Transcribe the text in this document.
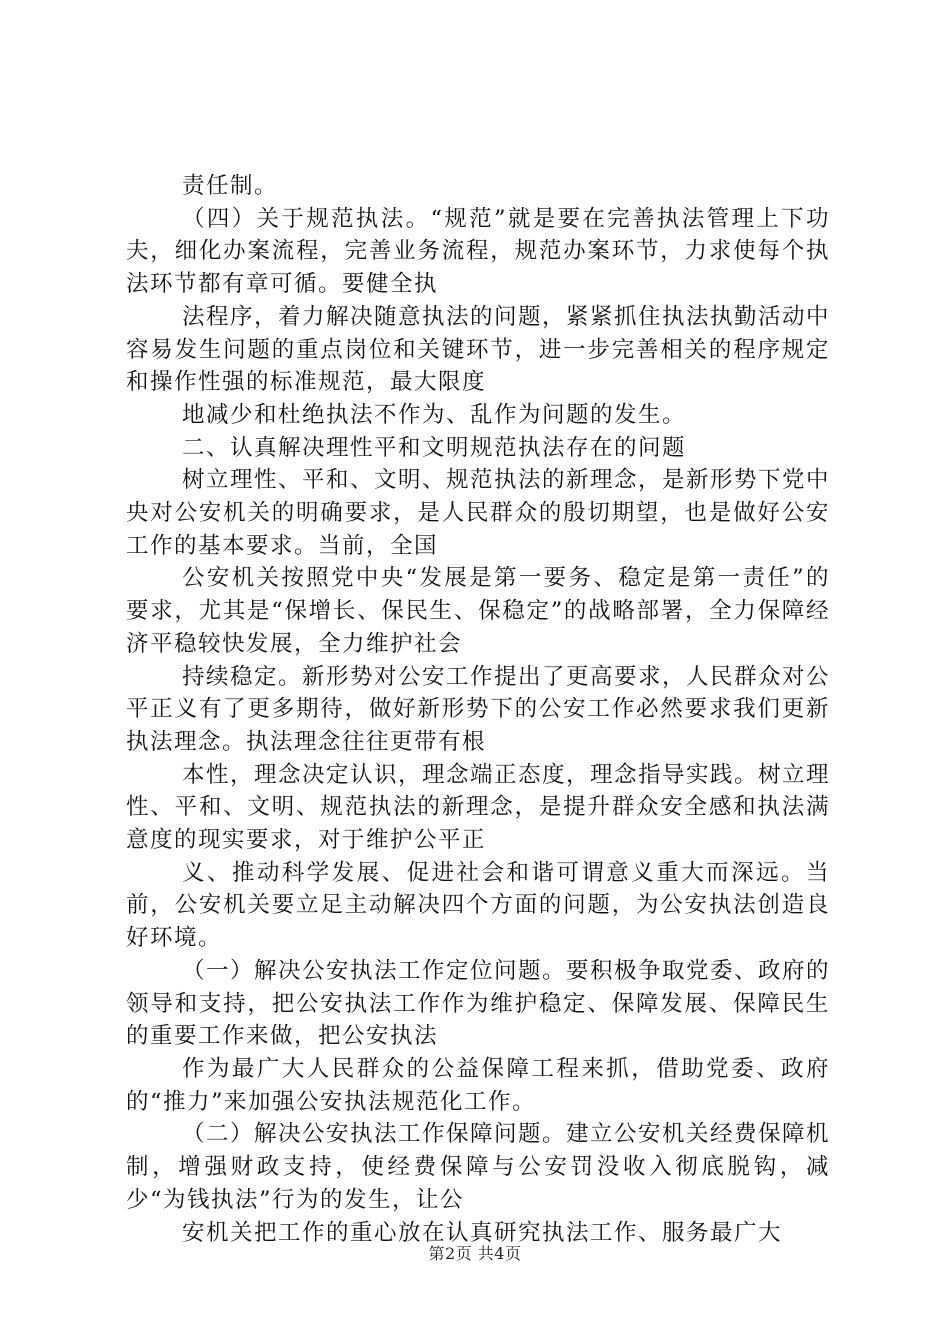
责任制。

（四）关于规范执法。“规范”就是要在完善执法管理上下功夫，细化办案流程，完善业务流程，规范办案环节，力求使每个执法环节都有章可循。要健全执

法程序，着力解决随意执法的问题，紧紧抓住执法执勤活动中容易发生问题的重点岗位和关键环节，进一步完善相关的程序规定和操作性强的标准规范，最大限度

地减少和杜绝执法不作为、乱作为问题的发生。

二、认真解决理性平和文明规范执法存在的问题

树立理性、平和、文明、规范执法的新理念，是新形势下党中央对公安机关的明确要求，是人民群众的殷切期望，也是做好公安工作的基本要求。当前，全国

公安机关按照党中央“发展是第一要务、稳定是第一责任”的要求，尤其是“保增长、保民生、保稳定”的战略部署，全力保障经济平稳较快发展，全力维护社会

持续稳定。新形势对公安工作提出了更高要求，人民群众对公平正义有了更多期待，做好新形势下的公安工作必然要求我们更新执法理念。执法理念往往更带有根

本性，理念决定认识，理念端正态度，理念指导实践。树立理性、平和、文明、规范执法的新理念，是提升群众安全感和执法满意度的现实要求，对于维护公平正

义、推动科学发展、促进社会和谐可谓意义重大而深远。当前，公安机关要立足主动解决四个方面的问题，为公安执法创造良好环境。

（一）解决公安执法工作定位问题。要积极争取党委、政府的领导和支持，把公安执法工作作为维护稳定、保障发展、保障民生的重要工作来做，把公安执法

作为最广大人民群众的公益保障工程来抓，借助党委、政府的“推力”来加强公安执法规范化工作。

（二）解决公安执法工作保障问题。建立公安机关经费保障机制，增强财政支持，使经费保障与公安罚没收入彻底脱钩，减少“为钱执法”行为的发生，让公

安机关把工作的重心放在认真研究执法工作、服务最广大

第2页 共4页
